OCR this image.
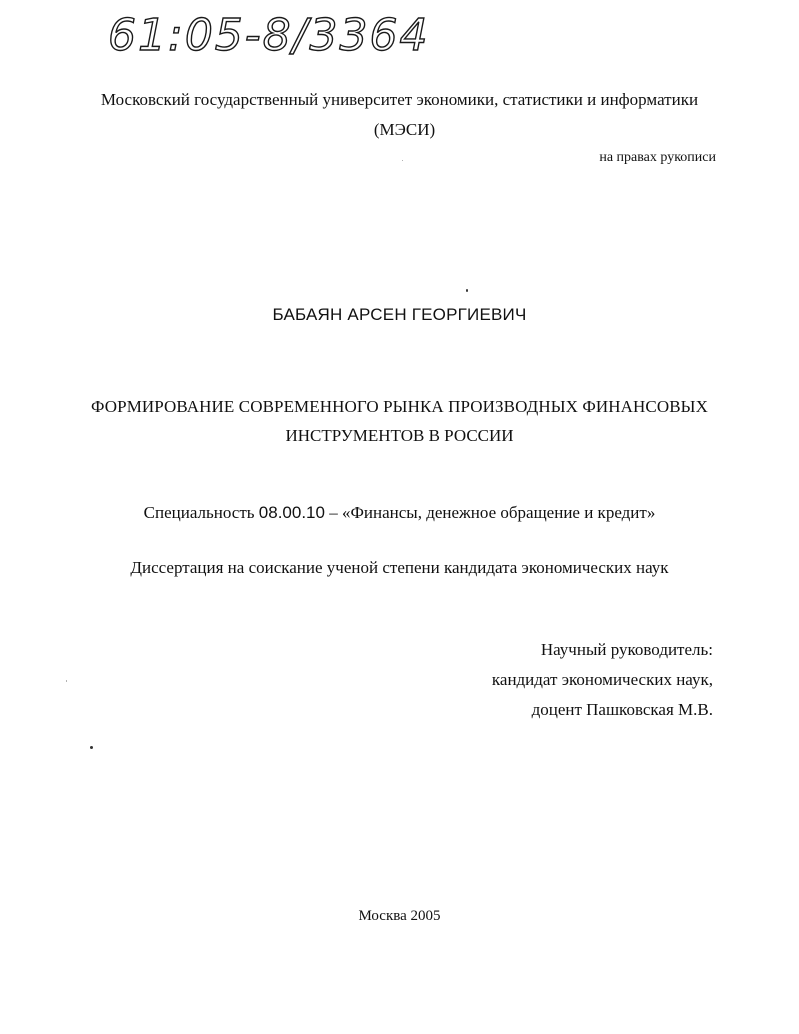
61:05-8/3364
Московский государственный университет экономики, статистики и информатики
(МЭСИ)
на правах рукописи
БАБАЯН АРСЕН ГЕОРГИЕВИЧ
ФОРМИРОВАНИЕ СОВРЕМЕННОГО РЫНКА ПРОИЗВОДНЫХ ФИНАНСОВЫХ
ИНСТРУМЕНТОВ В РОССИИ
Специальность 08.00.10 – «Финансы, денежное обращение и кредит»
Диссертация на соискание ученой степени кандидата экономических наук
Научный руководитель:
кандидат экономических наук,
доцент Пашковская М.В.
Москва 2005
